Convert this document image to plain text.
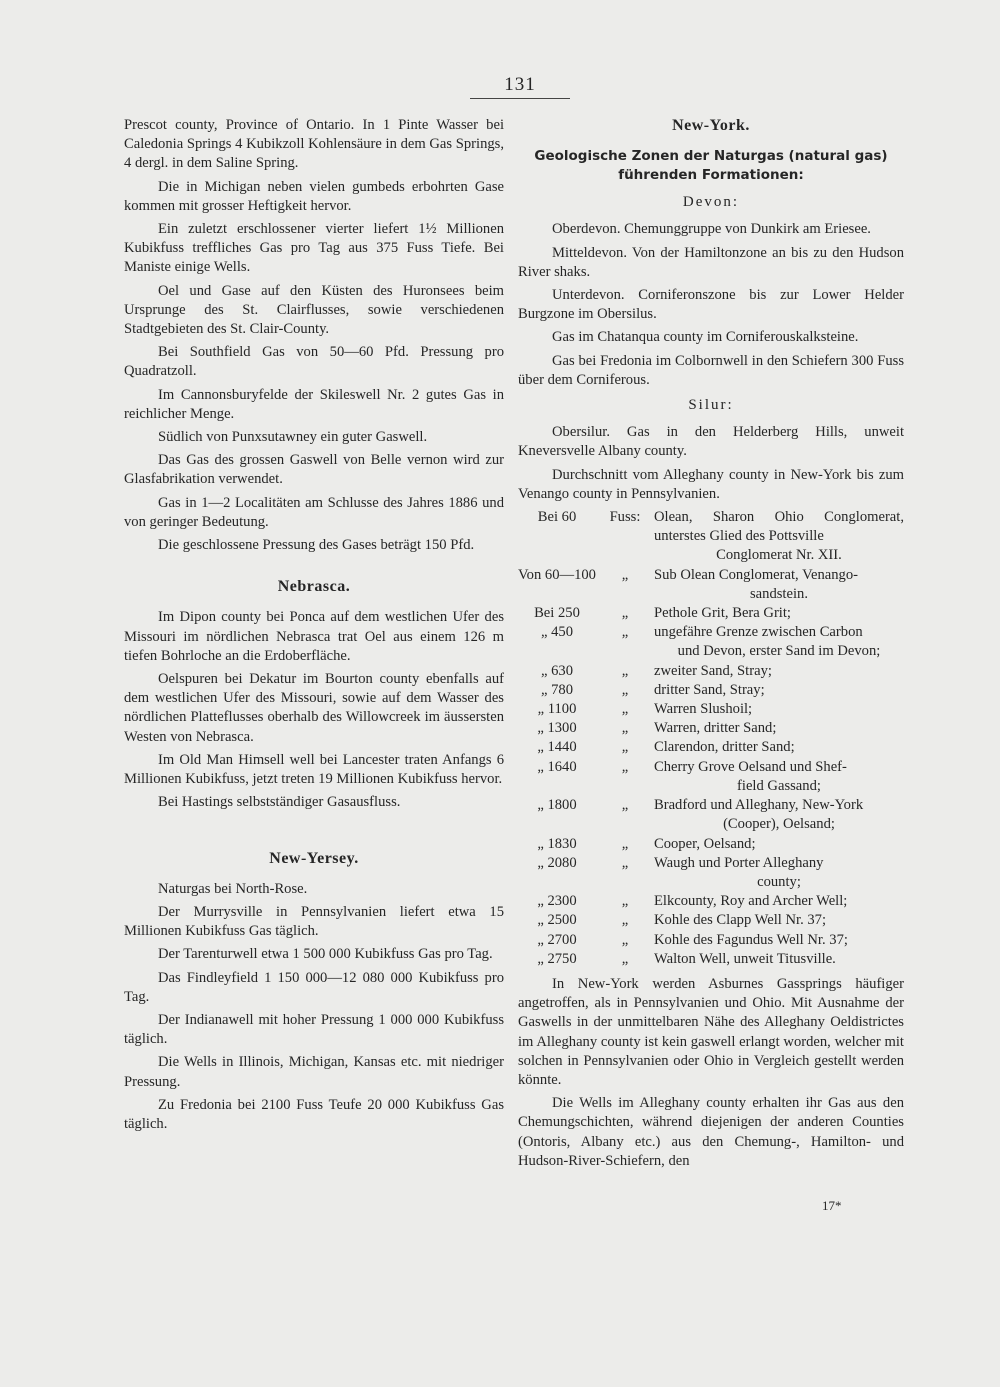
131

Prescot county, Province of Ontario. In 1 Pinte Wasser bei Caledonia Springs 4 Kubikzoll Kohlensäure in dem Gas Springs, 4 dergl. in dem Saline Spring.

Die in Michigan neben vielen gumbeds erbohrten Gase kommen mit grosser Heftigkeit hervor.

Ein zuletzt erschlossener vierter liefert 1½ Millionen Kubikfuss treffliches Gas pro Tag aus 375 Fuss Tiefe. Bei Maniste einige Wells.

Oel und Gase auf den Küsten des Huronsees beim Ursprunge des St. Clairflusses, sowie verschiedenen Stadtgebieten des St. Clair-County.

Bei Southfield Gas von 50—60 Pfd. Pressung pro Quadratzoll.

Im Cannonsburyfelde der Skileswell Nr. 2 gutes Gas in reichlicher Menge.

Südlich von Punxsutawney ein guter Gaswell.

Das Gas des grossen Gaswell von Belle vernon wird zur Glasfabrikation verwendet.

Gas in 1—2 Localitäten am Schlusse des Jahres 1886 und von geringer Bedeutung.

Die geschlossene Pressung des Gases beträgt 150 Pfd.

Nebrasca.

Im Dipon county bei Ponca auf dem westlichen Ufer des Missouri im nördlichen Nebrasca trat Oel aus einem 126 m tiefen Bohrloche an die Erdoberfläche.

Oelspuren bei Dekatur im Bourton county ebenfalls auf dem westlichen Ufer des Missouri, sowie auf dem Wasser des nördlichen Platteflusses oberhalb des Willowcreek im äussersten Westen von Nebrasca.

Im Old Man Himsell well bei Lancester traten Anfangs 6 Millionen Kubikfuss, jetzt treten 19 Millionen Kubikfuss hervor.

Bei Hastings selbstständiger Gasausfluss.

New-Yersey.

Naturgas bei North-Rose.

Der Murrysville in Pennsylvanien liefert etwa 15 Millionen Kubikfuss Gas täglich.

Der Tarenturwell etwa 1 500 000 Kubikfuss Gas pro Tag.

Das Findleyfield 1 150 000—12 080 000 Kubikfuss pro Tag.

Der Indianawell mit hoher Pressung 1 000 000 Kubikfuss täglich.

Die Wells in Illinois, Michigan, Kansas etc. mit niedriger Pressung.

Zu Fredonia bei 2100 Fuss Teufe 20 000 Kubikfuss Gas täglich.

New-York.
Geologische Zonen der Naturgas (natural gas) führenden Formationen:
Devon:

Oberdevon. Chemunggruppe von Dunkirk am Eriesee.

Mitteldevon. Von der Hamiltonzone an bis zu den Hudson River shaks.

Unterdevon. Corniferonszone bis zur Lower Helder Burgzone im Obersilus.

Gas im Chatanqua county im Corniferouskalksteine.

Gas bei Fredonia im Colbornwell in den Schiefern 300 Fuss über dem Corniferous.

Silur:

Obersilur. Gas in den Helderberg Hills, unweit Kneversvelle Albany county.

Durchschnitt vom Alleghany county in New-York bis zum Venango county in Pennsylvanien.

Bei 60	Fuss:	Olean, Sharon Ohio Conglomerat, unterstes Glied des Pottsville
Conglomerat Nr. XII.

Von 60—100	„	Sub Olean Conglomerat, Venango-
sandstein.

Bei 250	„	Pethole Grit, Bera Grit;
„ 450	„	ungefähre Grenze zwischen Carbon
und Devon, erster Sand im Devon;

„ 630	„	zweiter Sand, Stray;
„ 780	„	dritter Sand, Stray;
„ 1100	„	Warren Slushoil;
„ 1300	„	Warren, dritter Sand;
„ 1440	„	Clarendon, dritter Sand;
„ 1640	„	Cherry Grove Oelsand und Shef-
field Gassand;

„ 1800	„	Bradford und Alleghany, New-York
(Cooper), Oelsand;

„ 1830	„	Cooper, Oelsand;
„ 2080	„	Waugh und Porter Alleghany
county;

„ 2300	„	Elkcounty, Roy and Archer Well;
„ 2500	„	Kohle des Clapp Well Nr. 37;
„ 2700	„	Kohle des Fagundus Well Nr. 37;
„ 2750	„	Walton Well, unweit Titusville.

In New-York werden Asburnes Gassprings häufiger angetroffen, als in Pennsylvanien und Ohio. Mit Ausnahme der Gaswells in der unmittelbaren Nähe des Alleghany Oeldistrictes im Alleghany county ist kein gaswell erlangt worden, welcher mit solchen in Pennsylvanien oder Ohio in Vergleich gestellt werden könnte.

Die Wells im Alleghany county erhalten ihr Gas aus den Chemungschichten, während diejenigen der anderen Counties (Ontoris, Albany etc.) aus den Chemung-, Hamilton- und Hudson-River-Schiefern, den

17*
